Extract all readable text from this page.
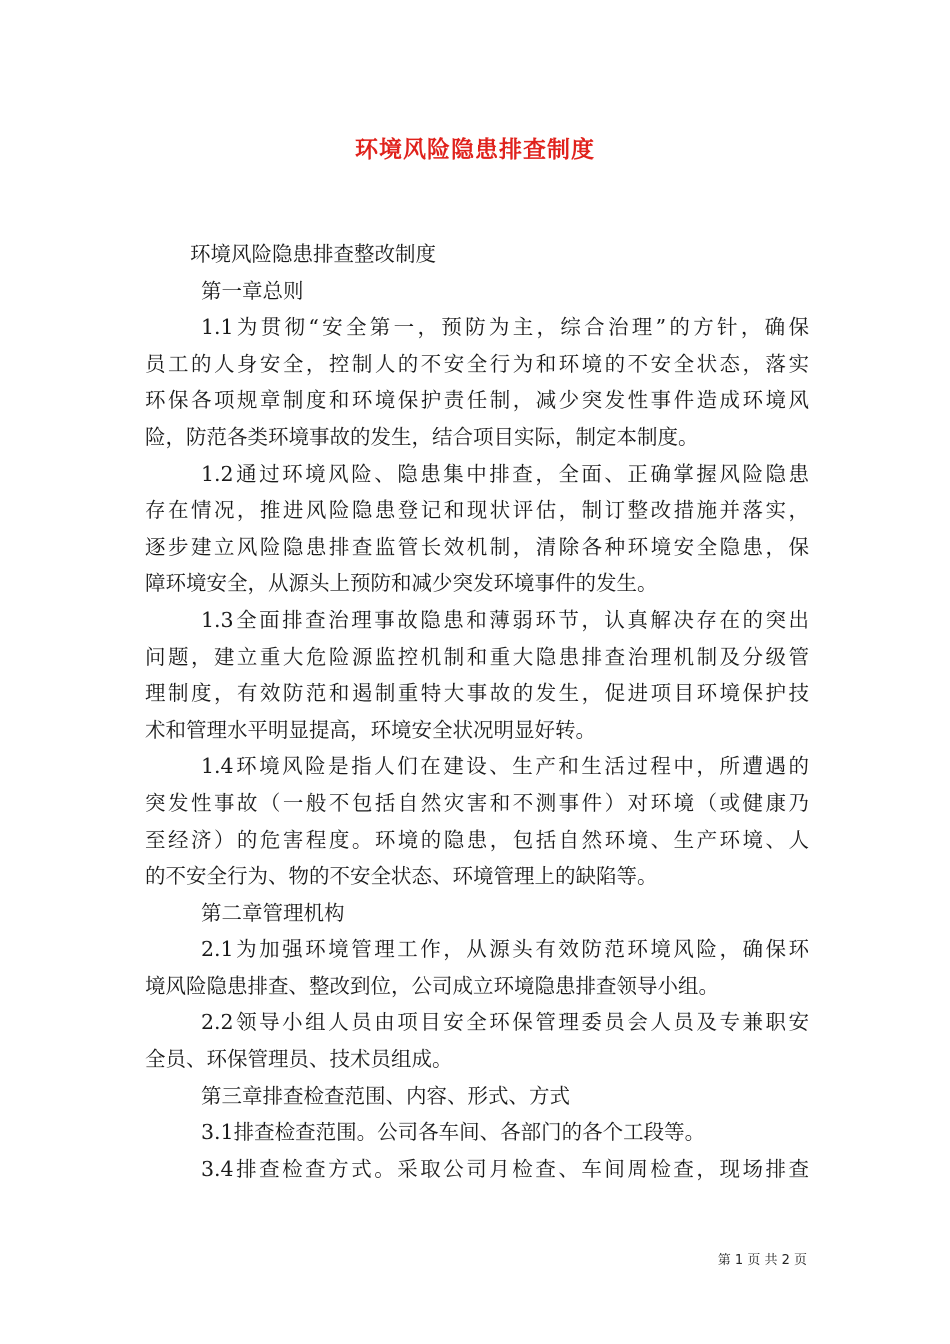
环境风险隐患排查制度

环境风险隐患排查整改制度

第一章总则

1.1为贯彻“安全第一，预防为主，综合治理”的方针，确保

员工的人身安全，控制人的不安全行为和环境的不安全状态，落实

环保各项规章制度和环境保护责任制，减少突发性事件造成环境风

险，防范各类环境事故的发生，结合项目实际，制定本制度。

1.2通过环境风险、隐患集中排查，全面、正确掌握风险隐患

存在情况，推进风险隐患登记和现状评估，制订整改措施并落实，

逐步建立风险隐患排查监管长效机制，清除各种环境安全隐患，保

障环境安全，从源头上预防和减少突发环境事件的发生。

1.3全面排查治理事故隐患和薄弱环节，认真解决存在的突出

问题，建立重大危险源监控机制和重大隐患排查治理机制及分级管

理制度，有效防范和遏制重特大事故的发生，促进项目环境保护技

术和管理水平明显提高，环境安全状况明显好转。

1.4环境风险是指人们在建设、生产和生活过程中，所遭遇的

突发性事故（一般不包括自然灾害和不测事件）对环境（或健康乃

至经济）的危害程度。环境的隐患，包括自然环境、生产环境、人

的不安全行为、物的不安全状态、环境管理上的缺陷等。

第二章管理机构

2.1为加强环境管理工作，从源头有效防范环境风险，确保环

境风险隐患排查、整改到位，公司成立环境隐患排查领导小组。

2.2领导小组人员由项目安全环保管理委员会人员及专兼职安

全员、环保管理员、技术员组成。

第三章排查检查范围、内容、形式、方式

3.1排查检查范围。公司各车间、各部门的各个工段等。

3.4排查检查方式。采取公司月检查、车间周检查，现场排查

第 1 页 共 2 页
